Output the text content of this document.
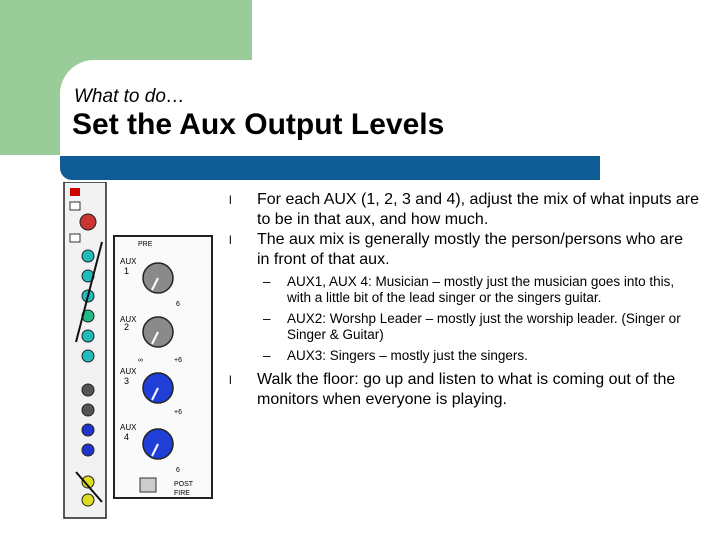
What to do…
Set the Aux Output Levels
PRE
AUX
1
6
AUX
2
∞	+6
AUX
3
+6
AUX
4
6
POST
FIRE
l For each AUX (1, 2, 3 and 4), adjust the mix of what inputs are to be in that aux, and how much.
l The aux mix is generally mostly the person/persons who are in front of that aux.
– AUX1, AUX 4: Musician – mostly just the musician goes into this, with a little bit of the lead singer or the singers guitar.
– AUX2: Worshp Leader – mostly just the worship leader. (Singer or Singer & Guitar)
– AUX3: Singers – mostly just the singers.
l Walk the floor: go up and listen to what is coming out of the monitors when everyone is playing.
